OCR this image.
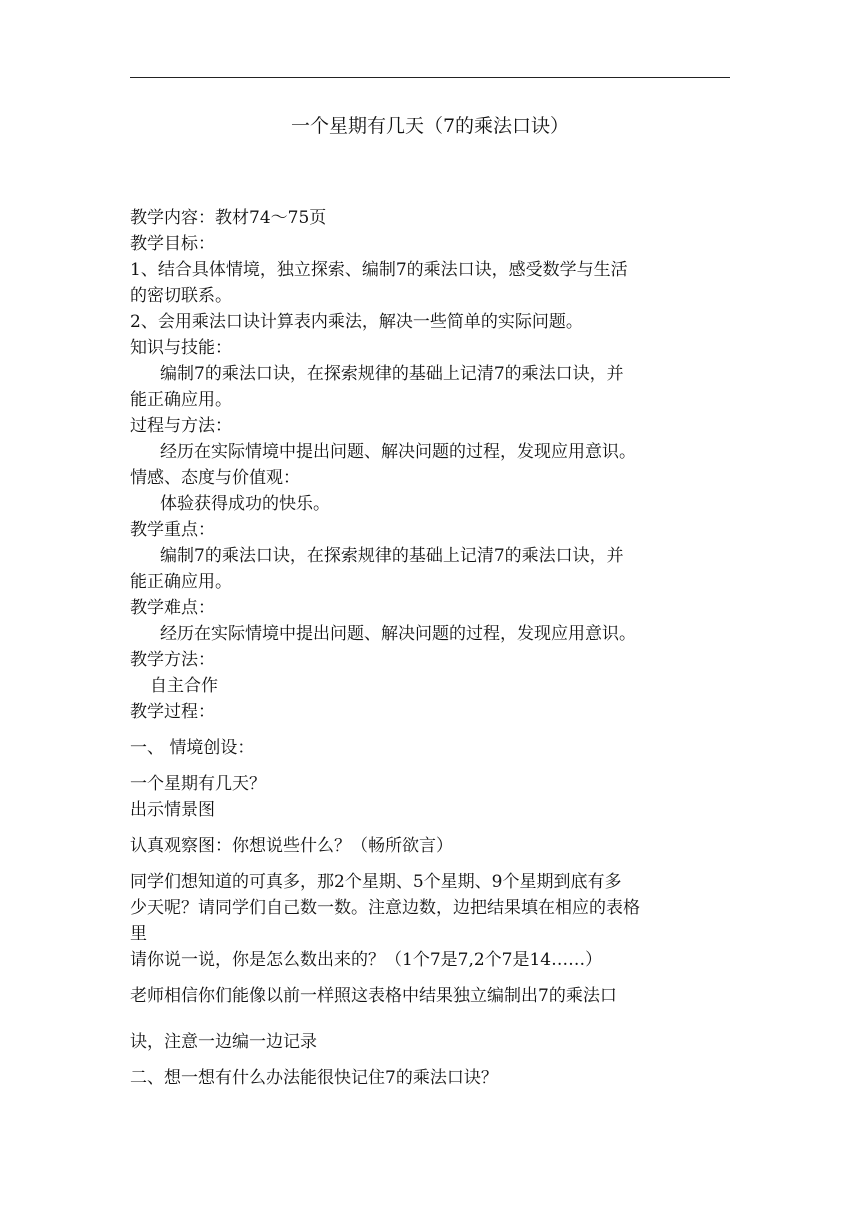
一个星期有几天（7的乘法口诀）
教学内容：教材74～75页
教学目标：
1、结合具体情境，独立探索、编制7的乘法口诀，感受数学与生活
的密切联系。
2、会用乘法口诀计算表内乘法，解决一些简单的实际问题。
知识与技能：
编制7的乘法口诀，在探索规律的基础上记清7的乘法口诀，并
能正确应用。
过程与方法：
经历在实际情境中提出问题、解决问题的过程，发现应用意识。
情感、态度与价值观：
体验获得成功的快乐。
教学重点：
编制7的乘法口诀，在探索规律的基础上记清7的乘法口诀，并
能正确应用。
教学难点：
经历在实际情境中提出问题、解决问题的过程，发现应用意识。
教学方法：
自主合作
教学过程：
一、 情境创设：
一个星期有几天？
出示情景图
认真观察图：你想说些什么？（畅所欲言）
同学们想知道的可真多，那2个星期、5个星期、9个星期到底有多
少天呢？请同学们自己数一数。注意边数，边把结果填在相应的表格
里
请你说一说，你是怎么数出来的？（1个7是7,2个7是14……）
老师相信你们能像以前一样照这表格中结果独立编制出7的乘法口
诀，注意一边编一边记录
二、想一想有什么办法能很快记住7的乘法口诀？
